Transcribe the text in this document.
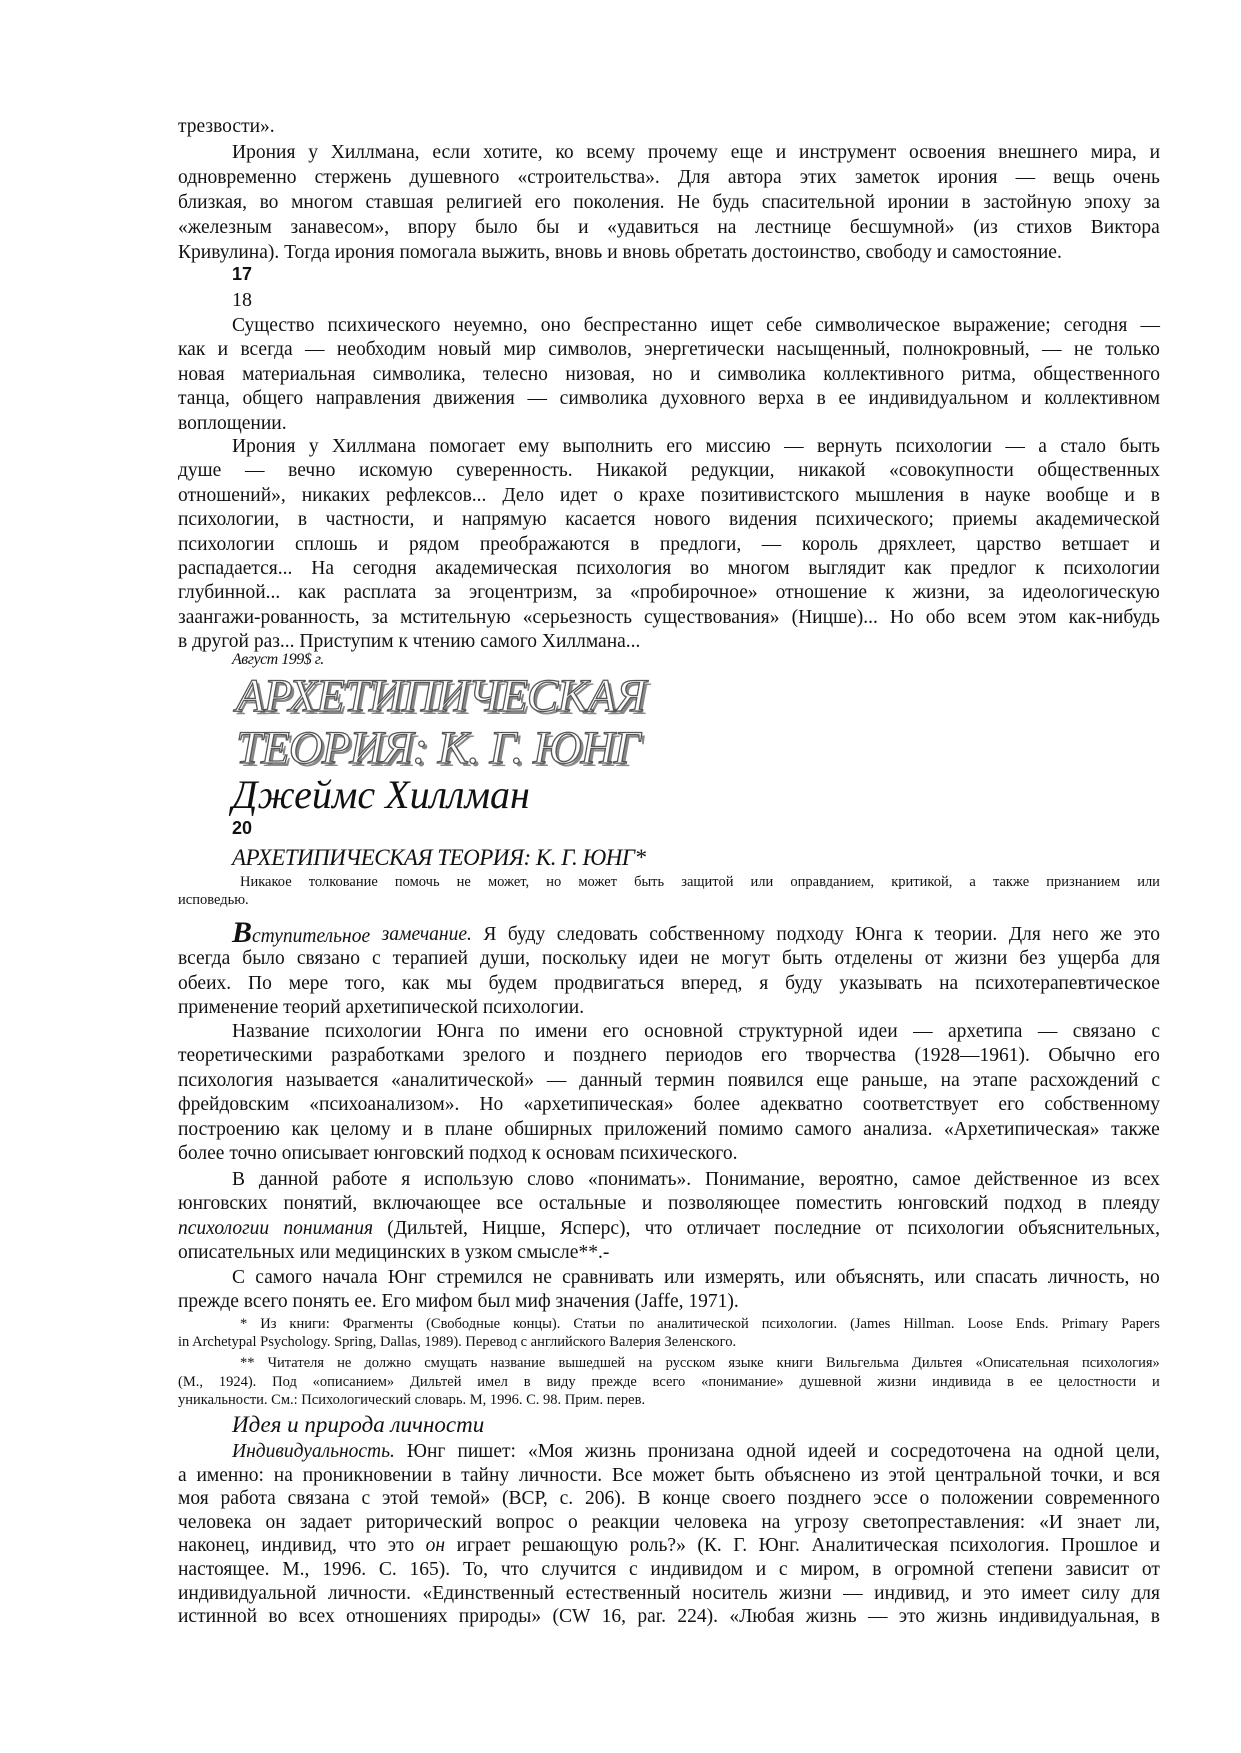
трезвости».
Ирония у Хиллмана, если хотите, ко всему прочему еще и инструмент освоения внешнего мира, и
одновременно стержень душевного «строительства». Для автора этих заметок ирония — вещь очень
близкая, во многом ставшая религией его поколения. Не будь спасительной иронии в застойную эпоху за
«железным занавесом», впору было бы и «удавиться на лестнице бесшумной» (из стихов Виктора
Кривулина). Тогда ирония помогала выжить, вновь и вновь обретать достоинство, свободу и самостояние.
17
18
Существо психического неуемно, оно беспрестанно ищет себе символическое выражение; сегодня —
как и всегда — необходим новый мир символов, энергетически насыщенный, полнокровный, — не только
новая материальная символика, телесно низовая, но и символика коллективного ритма, общественного
танца, общего направления движения — символика духовного верха в ее индивидуальном и коллективном
воплощении.
Ирония у Хиллмана помогает ему выполнить его миссию — вернуть психологии — а стало быть
душе — вечно искомую суверенность. Никакой редукции, никакой «совокупности общественных
отношений», никаких рефлексов... Дело идет о крахе позитивистского мышления в науке вообще и в
психологии, в частности, и напрямую касается нового видения психического; приемы академической
психологии сплошь и рядом преображаются в предлоги, — король дряхлеет, царство ветшает и
распадается... На сегодня академическая психология во многом выглядит как предлог к психологии
глубинной... как расплата за эгоцентризм, за «пробирочное» отношение к жизни, за идеологическую
заангажи-рованность, за мстительную «серьезность существования» (Ницше)... Но обо всем этом как-нибудь
в другой раз... Приступим к чтению самого Хиллмана...
Август 199$ г.
АРХЕТИПИЧЕСКАЯ
ТЕОРИЯ: К. Г. ЮНГ
Джеймс Хиллман
20
АРХЕТИПИЧЕСКАЯ ТЕОРИЯ: К. Г. ЮНГ*
Никакое толкование помочь не может, но может быть защитой или оправданием, критикой, а также признанием или
исповедью.
Вступительное замечание. Я буду следовать собственному подходу Юнга к теории. Для него же это
всегда было связано с терапией души, поскольку идеи не могут быть отделены от жизни без ущерба для
обеих. По мере того, как мы будем продвигаться вперед, я буду указывать на психотерапевтическое
применение теорий архетипической психологии.
Название психологии Юнга по имени его основной структурной идеи — архетипа — связано с
теоретическими разработками зрелого и позднего периодов его творчества (1928—1961). Обычно его
психология называется «аналитической» — данный термин появился еще раньше, на этапе расхождений с
фрейдовским «психоанализом». Но «архетипическая» более адекватно соответствует его собственному
построению как целому и в плане обширных приложений помимо самого анализа. «Архетипическая» также
более точно описывает юнговский подход к основам психического.
В данной работе я использую слово «понимать». Понимание, вероятно, самое действенное из всех
юнговских понятий, включающее все остальные и позволяющее поместить юнговский подход в плеяду
психологии понимания (Дильтей, Ницше, Ясперс), что отличает последние от психологии объяснительных,
описательных или медицинских в узком смысле**.-
С самого начала Юнг стремился не сравнивать или измерять, или объяснять, или спасать личность, но
прежде всего понять ее. Его мифом был миф значения (Jaffe, 1971).
* Из книги: Фрагменты (Свободные концы). Статьи по аналитической психологии. (James Hillman. Loose Ends. Primary Papers
in Archetypal Psychology. Spring, Dallas, 1989). Перевод с английского Валерия Зеленского.
** Читателя не должно смущать название вышедшей на русском языке книги Вильгельма Дильтея «Описательная психология»
(М., 1924). Под «описанием» Дильтей имел в виду прежде всего «понимание» душевной жизни индивида в ее целостности и
уникальности. См.: Психологический словарь. М, 1996. С. 98. Прим. перев.
Идея и природа личности
Индивидуальность. Юнг пишет: «Моя жизнь пронизана одной идеей и сосредоточена на одной цели,
а именно: на проникновении в тайну личности. Все может быть объяснено из этой центральной точки, и вся
моя работа связана с этой темой» (ВСР, с. 206). В конце своего позднего эссе о положении современного
человека он задает риторический вопрос о реакции человека на угрозу светопреставления: «И знает ли,
наконец, индивид, что это он играет решающую роль?» (К. Г. Юнг. Аналитическая психология. Прошлое и
настоящее. М., 1996. С. 165). То, что случится с индивидом и с миром, в огромной степени зависит от
индивидуальной личности. «Единственный естественный носитель жизни — индивид, и это имеет силу для
истинной во всех отношениях природы» (CW 16, par. 224). «Любая жизнь — это жизнь индивидуальная, в
